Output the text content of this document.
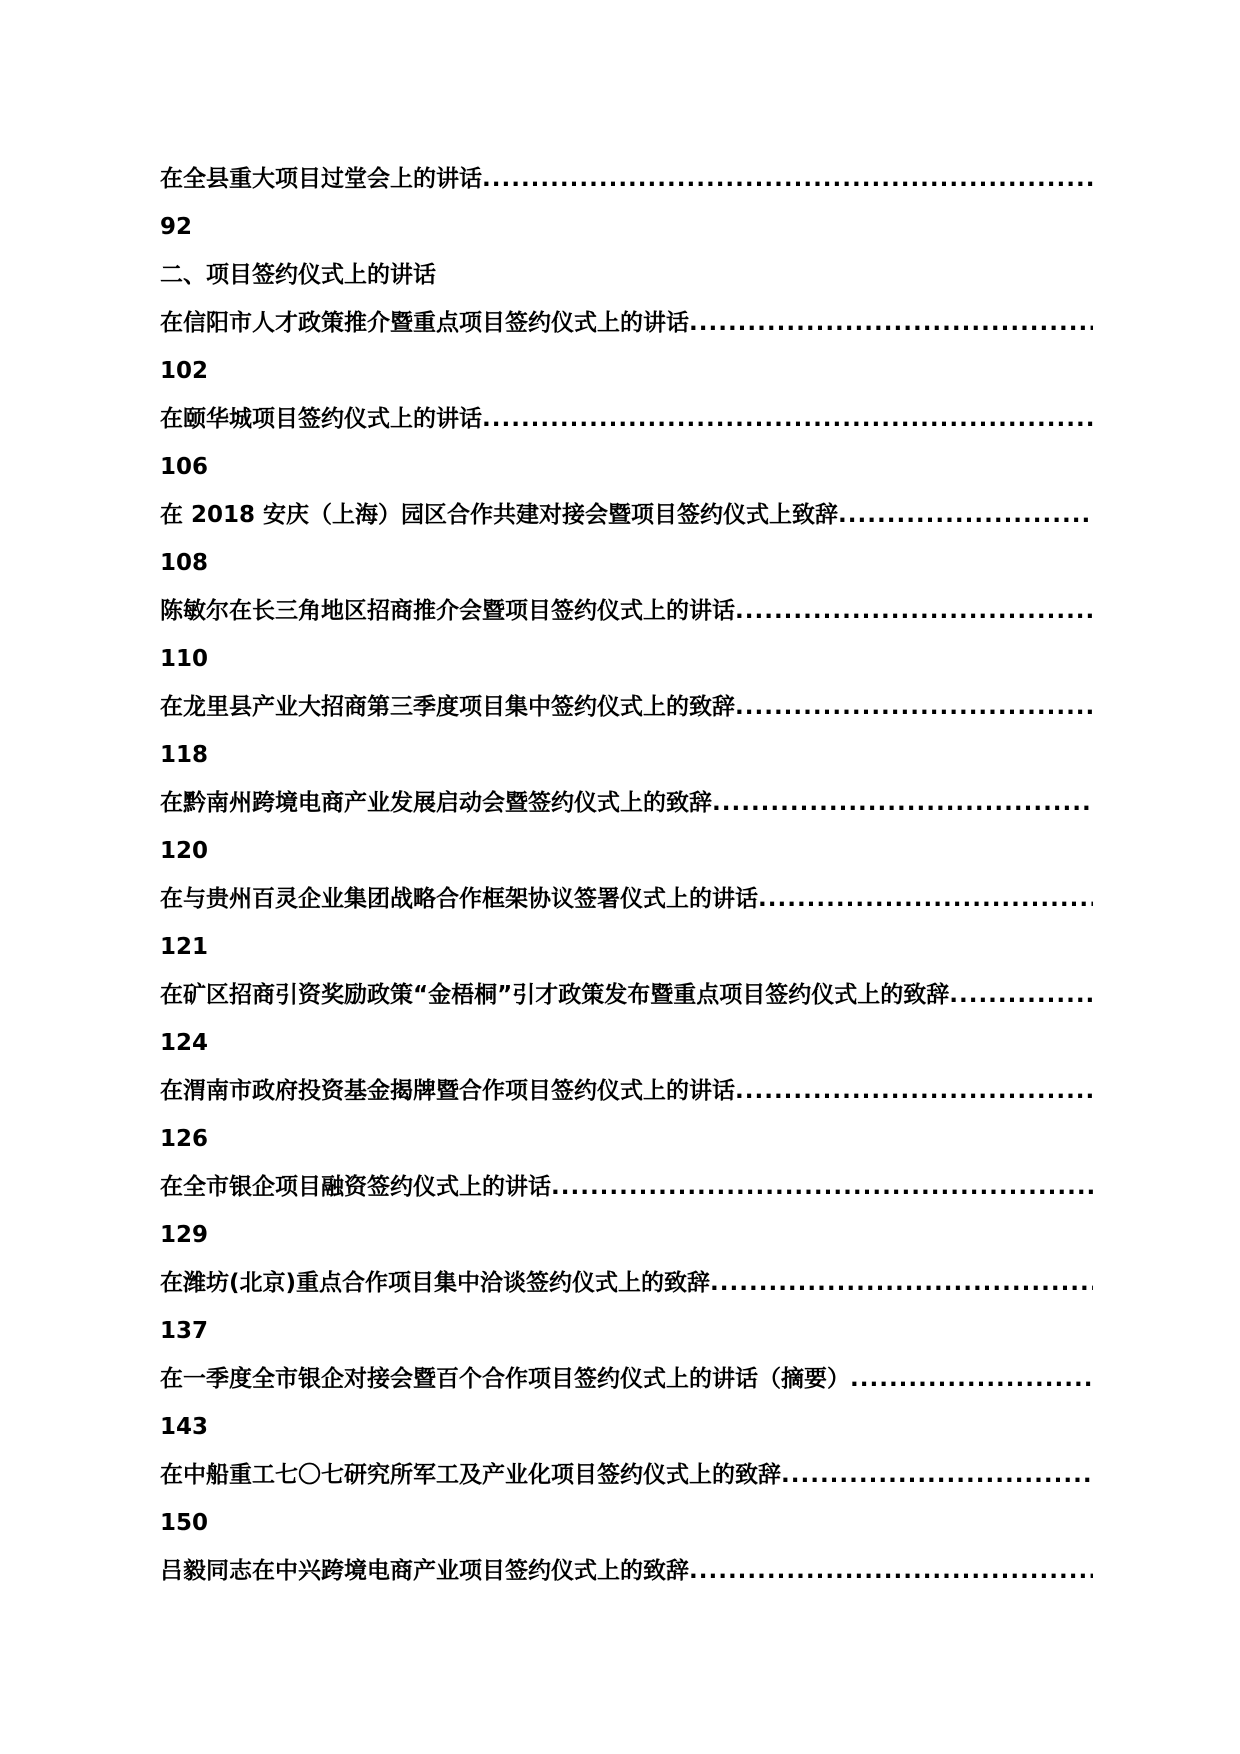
在全县重大项目过堂会上的讲话
.....
92
二、项目签约仪式上的讲话
在信阳市人才政策推介暨重点项目签约仪式上的讲话
.....
102
在颐华城项目签约仪式上的讲话
.....
106
在 2018 安庆（上海）园区合作共建对接会暨项目签约仪式上致辞
.....
108
陈敏尔在长三角地区招商推介会暨项目签约仪式上的讲话
.....
110
在龙里县产业大招商第三季度项目集中签约仪式上的致辞
.....
118
在黔南州跨境电商产业发展启动会暨签约仪式上的致辞
.....
120
在与贵州百灵企业集团战略合作框架协议签署仪式上的讲话
.....
121
在矿区招商引资奖励政策“金梧桐”引才政策发布暨重点项目签约仪式上的致辞
.....
124
在渭南市政府投资基金揭牌暨合作项目签约仪式上的讲话
.....
126
在全市银企项目融资签约仪式上的讲话
.....
129
在潍坊(北京)重点合作项目集中洽谈签约仪式上的致辞
.....
137
在一季度全市银企对接会暨百个合作项目签约仪式上的讲话（摘要）
.....
143
在中船重工七〇七研究所军工及产业化项目签约仪式上的致辞
.....
150
吕毅同志在中兴跨境电商产业项目签约仪式上的致辞
.....
